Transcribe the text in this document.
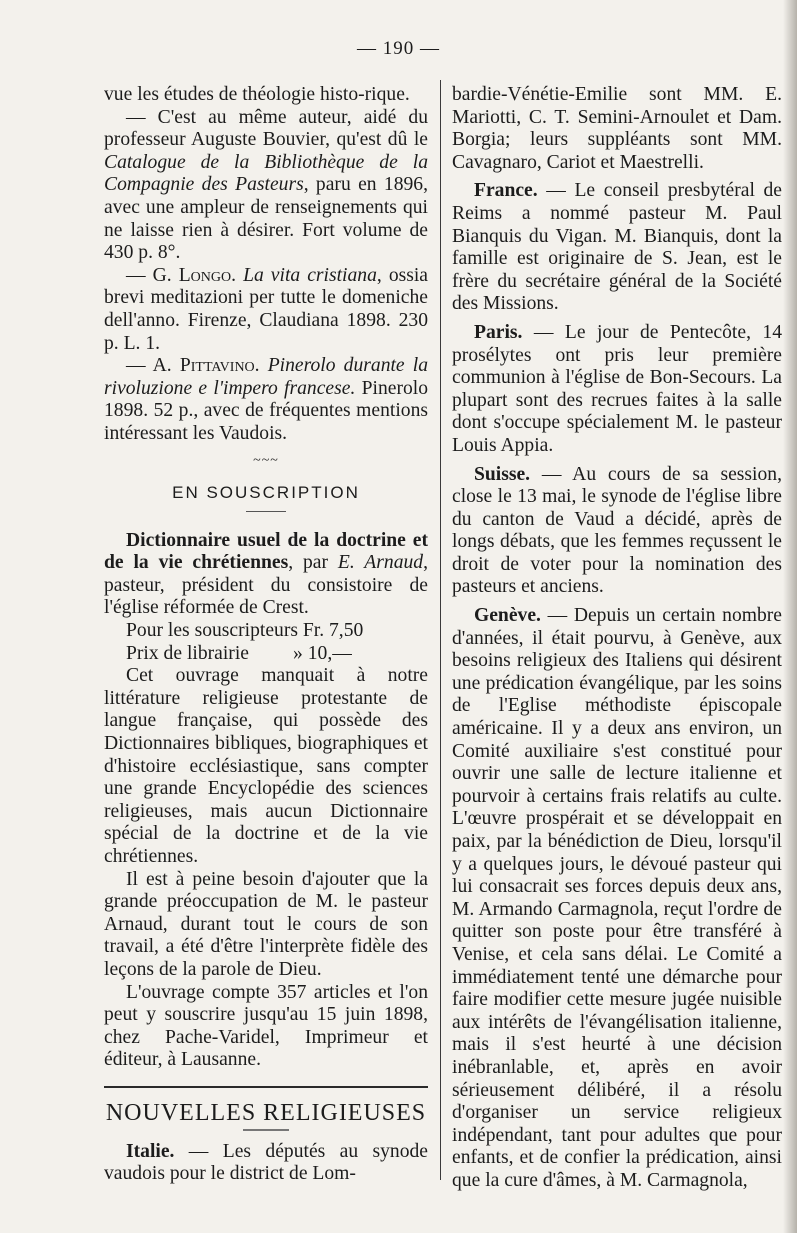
— 190 —

vue les études de théologie histo-rique.

— C'est au même auteur, aidé du professeur Auguste Bouvier, qu'est dû le Catalogue de la Bibliothèque de la Compagnie des Pasteurs, paru en 1896, avec une ampleur de renseignements qui ne laisse rien à désirer. Fort volume de 430 p. 8°.

— G. Longo. La vita cristiana, ossia brevi meditazioni per tutte le domeniche dell'anno. Firenze, Claudiana 1898. 230 p. L. 1.

— A. Pittavino. Pinerolo durante la rivoluzione e l'impero francese. Pinerolo 1898. 52 p., avec de fréquentes mentions intéressant les Vaudois.

~~~

EN SOUSCRIPTION

Dictionnaire usuel de la doctrine et de la vie chrétiennes, par E. Arnaud, pasteur, président du consistoire de l'église réformée de Crest.

Pour les souscripteurs Fr. 7,50

Prix de librairie         » 10,—

Cet ouvrage manquait à notre littérature religieuse protestante de langue française, qui possède des Dictionnaires bibliques, biographiques et d'histoire ecclésiastique, sans compter une grande Encyclopédie des sciences religieuses, mais aucun Dictionnaire spécial de la doctrine et de la vie chrétiennes.

Il est à peine besoin d'ajouter que la grande préoccupation de M. le pasteur Arnaud, durant tout le cours de son travail, a été d'être l'interprète fidèle des leçons de la parole de Dieu.

L'ouvrage compte 357 articles et l'on peut y souscrire jusqu'au 15 juin 1898, chez Pache-Varidel, Imprimeur et éditeur, à Lausanne.

NOUVELLES RELIGIEUSES

Italie. — Les députés au synode vaudois pour le district de Lom-

bardie-Vénétie-Emilie sont MM. E. Mariotti, C. T. Semini-Arnoulet et Dam. Borgia; leurs suppléants sont MM. Cavagnaro, Cariot et Maestrelli.

France. — Le conseil presbytéral de Reims a nommé pasteur M. Paul Bianquis du Vigan. M. Bianquis, dont la famille est originaire de S. Jean, est le frère du secrétaire général de la Société des Missions.

Paris. — Le jour de Pentecôte, 14 prosélytes ont pris leur première communion à l'église de Bon-Secours. La plupart sont des recrues faites à la salle dont s'occupe spécialement M. le pasteur Louis Appia.

Suisse. — Au cours de sa session, close le 13 mai, le synode de l'église libre du canton de Vaud a décidé, après de longs débats, que les femmes reçussent le droit de voter pour la nomination des pasteurs et anciens.

Genève. — Depuis un certain nombre d'années, il était pourvu, à Genève, aux besoins religieux des Italiens qui désirent une prédication évangélique, par les soins de l'Eglise méthodiste épiscopale américaine. Il y a deux ans environ, un Comité auxiliaire s'est constitué pour ouvrir une salle de lecture italienne et pourvoir à certains frais relatifs au culte. L'œuvre prospérait et se développait en paix, par la bénédiction de Dieu, lorsqu'il y a quelques jours, le dévoué pasteur qui lui consacrait ses forces depuis deux ans, M. Armando Carmagnola, reçut l'ordre de quitter son poste pour être transféré à Venise, et cela sans délai. Le Comité a immédiatement tenté une démarche pour faire modifier cette mesure jugée nuisible aux intérêts de l'évangélisation italienne, mais il s'est heurté à une décision inébranlable, et, après en avoir sérieusement délibéré, il a résolu d'organiser un service religieux indépendant, tant pour adultes que pour enfants, et de confier la prédication, ainsi que la cure d'âmes, à M. Carmagnola,
